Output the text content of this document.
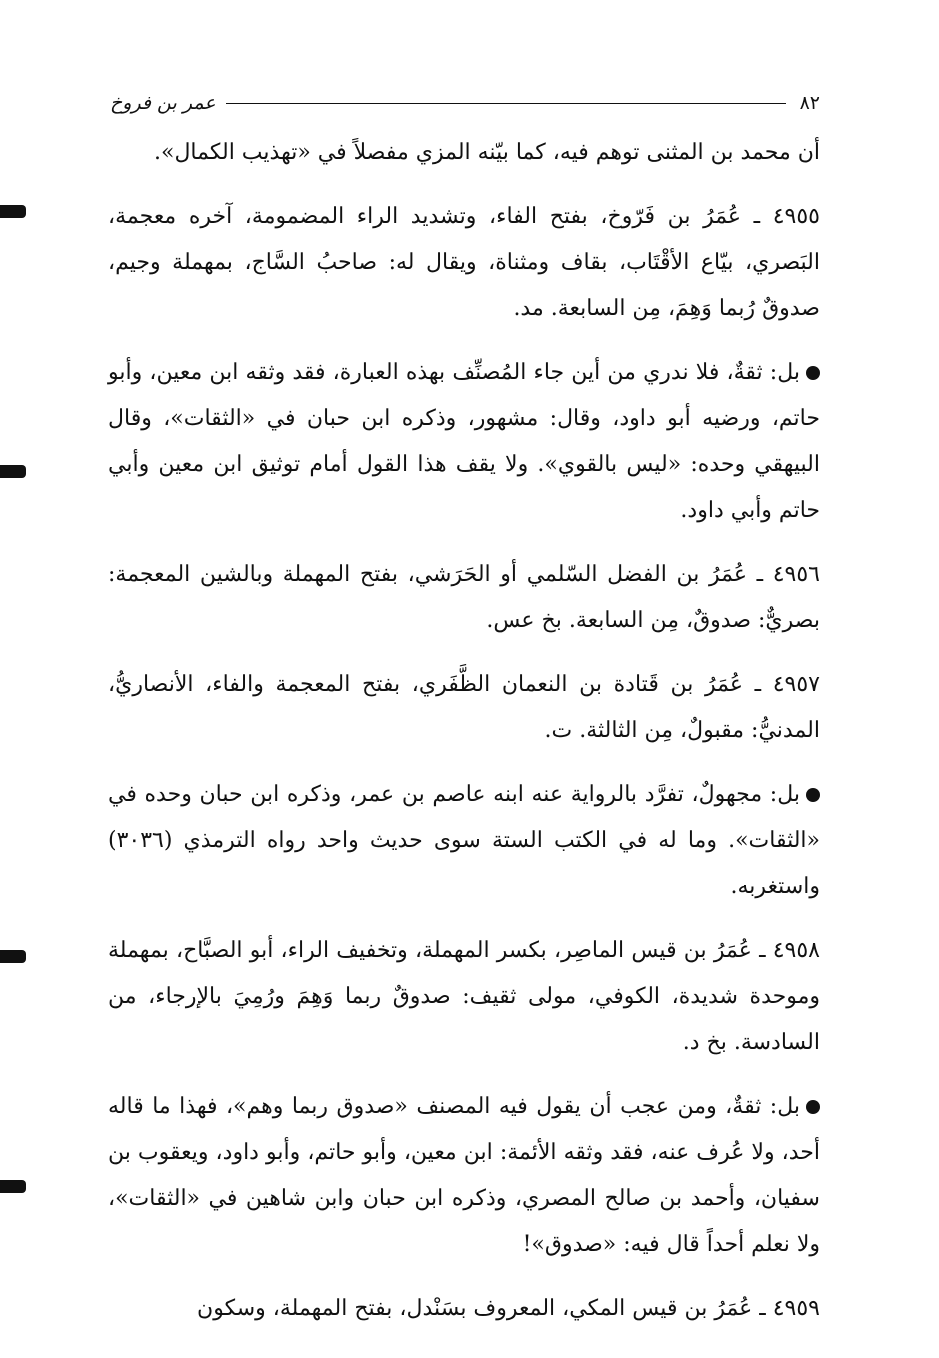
٨٢
عمر بن فروخ

أن محمد بن المثنى توهم فيه، كما بيّنه المزي مفصلاً في «تهذيب الكمال».

٤٩٥٥ ـ عُمَرُ بن فَرّوخ، بفتح الفاء، وتشديد الراء المضمومة، آخره معجمة، البَصري، بيّاع الأقْتَاب، بقاف ومثناة، ويقال له: صاحبُ السَّاج، بمهملة وجيم، صدوقٌ رُبما وَهِمَ، مِن السابعة. مد.

بل: ثقةٌ، فلا ندري من أين جاء المُصنِّف بهذه العبارة، فقد وثقه ابن معين، وأبو حاتم، ورضيه أبو داود، وقال: مشهور، وذكره ابن حبان في «الثقات»، وقال البيهقي وحده: «ليس بالقوي». ولا يقف هذا القول أمام توثيق ابن معين وأبي حاتم وأبي داود.

٤٩٥٦ ـ عُمَرُ بن الفضل السّلمي أو الحَرَشي، بفتح المهملة وبالشين المعجمة: بصريٌّ: صدوقٌ، مِن السابعة. بخ عس.

٤٩٥٧ ـ عُمَرُ بن قَتادة بن النعمان الظَّفَري، بفتح المعجمة والفاء، الأنصاريُّ، المدنيُّ: مقبولٌ، مِن الثالثة. ت.

بل: مجهولٌ، تفرَّد بالرواية عنه ابنه عاصم بن عمر، وذكره ابن حبان وحده في «الثقات». وما له في الكتب الستة سوى حديث واحد رواه الترمذي (٣٠٣٦) واستغربه.

٤٩٥٨ ـ عُمَرُ بن قيس الماصِر، بكسر المهملة، وتخفيف الراء، أبو الصبَّاح، بمهملة وموحدة شديدة، الكوفي، مولى ثقيف: صدوقٌ ربما وَهِمَ ورُمِيَ بالإرجاء، من السادسة. بخ د.

بل: ثقةٌ، ومن عجب أن يقول فيه المصنف «صدوق ربما وهم»، فهذا ما قاله أحد، ولا عُرف عنه، فقد وثقه الأئمة: ابن معين، وأبو حاتم، وأبو داود، ويعقوب بن سفيان، وأحمد بن صالح المصري، وذكره ابن حبان وابن شاهين في «الثقات»، ولا نعلم أحداً قال فيه: «صدوق»!

٤٩٥٩ ـ عُمَرُ بن قيس المكي، المعروف بسَنْدل، بفتح المهملة، وسكون
